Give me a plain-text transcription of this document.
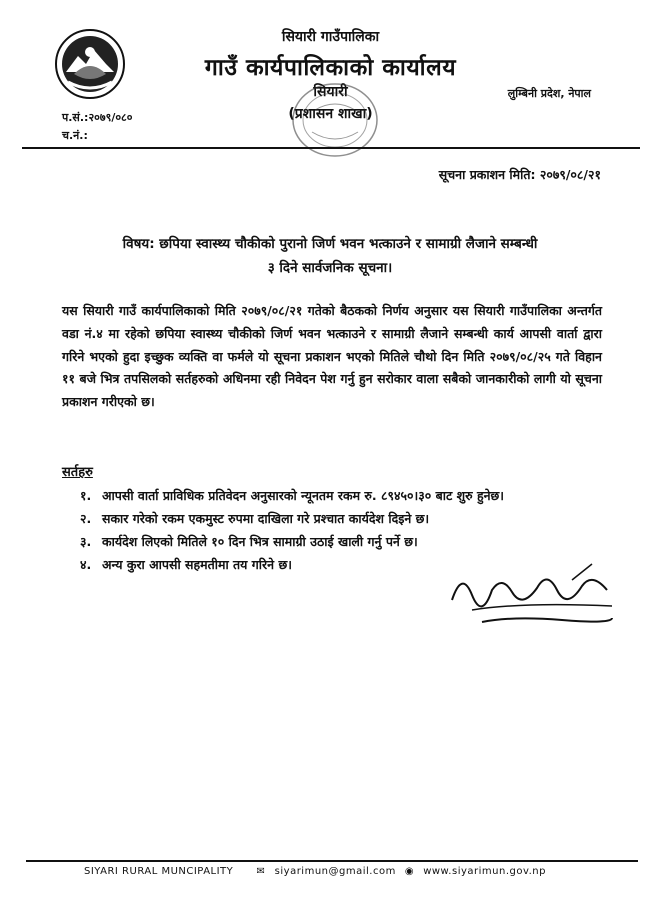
सियारी गाउँपालिका
गाउँ कार्यपालिकाको कार्यालय
सियारी
(प्रशासन शाखा)
लुम्बिनी प्रदेश, नेपाल
प.सं.:२०७९/०८०
च.नं.:
सूचना प्रकाशन मिति: २०७९/०८/२१
विषय: छपिया स्वास्थ्य चौकीको पुरानो जिर्ण भवन भत्काउने र सामाग्री लैजाने सम्बन्धी
३ दिने सार्वजनिक सूचना।
यस सियारी गाउँ कार्यपालिकाको मिति २०७९/०८/२१ गतेको बैठकको निर्णय अनुसार यस सियारी गाउँपालिका अन्तर्गत वडा नं.४ मा रहेको छपिया स्वास्थ्य चौकीको जिर्ण भवन भत्काउने र सामाग्री लैजाने सम्बन्धी कार्य आपसी वार्ता द्वारा गरिने भएको हुदा इच्छुक व्यक्ति वा फर्मले यो सूचना प्रकाशन भएको मितिले चौथो दिन मिति २०७९/०८/२५ गते विहान ११ बजे भित्र तपसिलको सर्तहरुको अधिनमा रही निवेदन पेश गर्नु हुन सरोकार वाला सबैको जानकारीको लागी यो सूचना प्रकाशन गरीएको छ।
सर्तहरु
१. आपसी वार्ता प्राविधिक प्रतिवेदन अनुसारको न्यूनतम रकम रु. ८९४५०।३० बाट शुरु हुनेछ।
२. सकार गरेको रकम एकमुस्ट रुपमा दाखिला गरे प्रश्चात कार्यदेश दिइने छ।
३. कार्यदेश लिएको मितिले १० दिन भित्र सामाग्री उठाई खाली गर्नु पर्ने छ।
४. अन्य कुरा आपसी सहमतीमा तय गरिने छ।
SIYARI RURAL MUNCIPALITY ✉ siyarimun@gmail.com ◉ www.siyarimun.gov.np
